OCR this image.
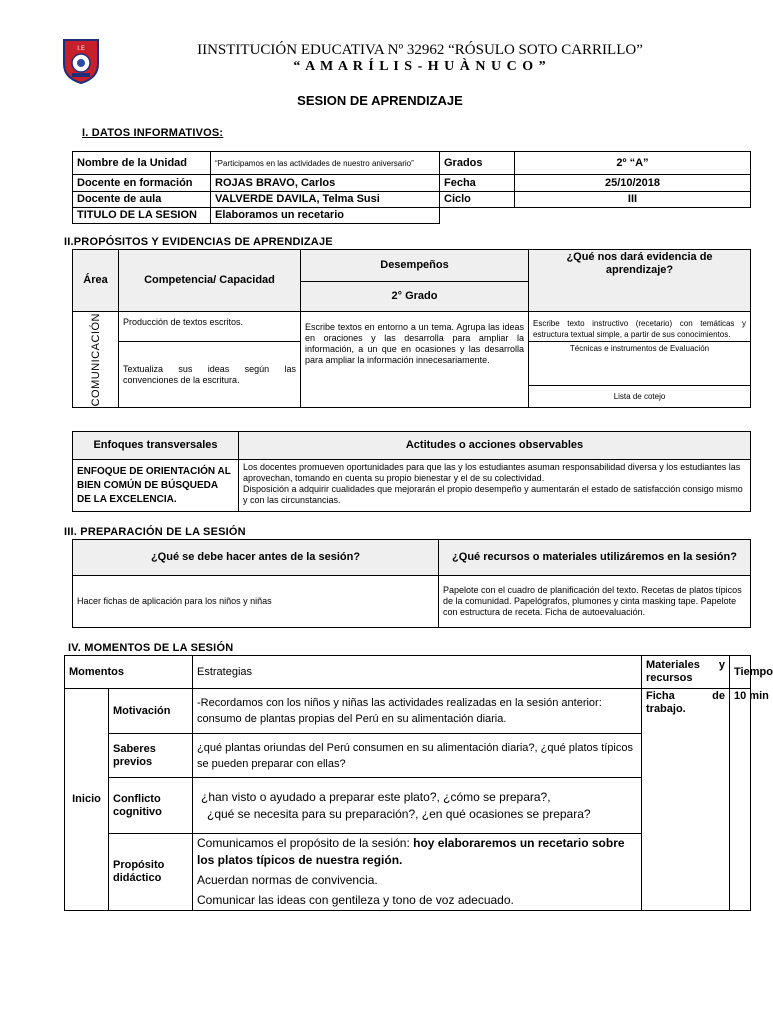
I.E	IINSTITUCIÓN EDUCATIVA Nº 32962 “RÓSULO SOTO CARRILLO”
“ A M A R Í L I S - H U À N U C O ”
SESION DE APRENDIZAJE
I. DATOS INFORMATIVOS:
Nombre de la Unidad	“Participamos en las actividades de nuestro aniversario”	Grados	2º “A”
Docente en formación	ROJAS BRAVO, Carlos	Fecha	25/10/2018
Docente de aula	VALVERDE DAVILA, Telma Susi	Ciclo	III
TITULO DE LA SESION	Elaboramos un recetario		
II.PROPÓSITOS Y EVIDENCIAS DE APRENDIZAJE
Área	Competencia/ Capacidad	Desempeños	¿Qué nos dará evidencia de aprendizaje?
		2° Grado	

COMUNICACIÓN	Producción de textos escritos.	Escribe textos en entorno a un tema. Agrupa las ideas en oraciones y las desarrolla para ampliar la información, a un que en ocasiones y las desarrolla para ampliar la información innecesariamente.	Escribe texto instructivo (recetario) con temáticas y estructura textual simple, a partir de sus conocimientos.
	Textualiza sus ideas según las convenciones de la escritura.		Técnicas e instrumentos de Evaluación
			Lista de cotejo
Enfoques transversales	Actitudes o acciones observables
ENFOQUE DE ORIENTACIÓN AL BIEN COMÚN DE BÚSQUEDA DE LA EXCELENCIA.	Los docentes promueven oportunidades para que las y los estudiantes asuman responsabilidad diversa y los estudiantes las aprovechan, tomando en cuenta su propio bienestar y el de su colectividad.
Disposición a adquirir cualidades que mejorarán el propio desempeño y aumentarán el estado de satisfacción consigo mismo y con las circunstancias.
III. PREPARACIÓN DE LA SESIÓN
¿Qué se debe hacer antes de la sesión?	¿Qué recursos o materiales utilizáremos en la sesión?
Hacer fichas de aplicación para los niños y niñas	Papelote con el cuadro de planificación del texto. Recetas de platos típicos de la comunidad. Papelógrafos, plumones y cinta masking tape. Papelote con estructura de receta. Ficha de autoevaluación.
IV. MOMENTOS DE LA SESIÓN
Momentos		Estrategias	Materiales y recursos	Tiempo
Inicio	Motivación	-Recordamos con los niños y niñas las actividades realizadas en la sesión anterior: consumo de plantas propias del Perú en su alimentación diaria.	Ficha de trabajo.	10 min
	Saberes previos	¿qué plantas oriundas del Perú consumen en su alimentación diaria?, ¿qué platos típicos se pueden preparar con ellas?		
	Conflicto cognitivo	¿han visto o ayudado a preparar este plato?, ¿cómo se prepara?,
¿qué se necesita para su preparación?, ¿en qué ocasiones se prepara?		

	Propósito didáctico	Comunicamos el propósito de la sesión: hoy elaboraremos un recetario sobre los platos típicos de nuestra región.
Acuerdan normas de convivencia.
Comunicar las ideas con gentileza y tono de voz adecuado.		
